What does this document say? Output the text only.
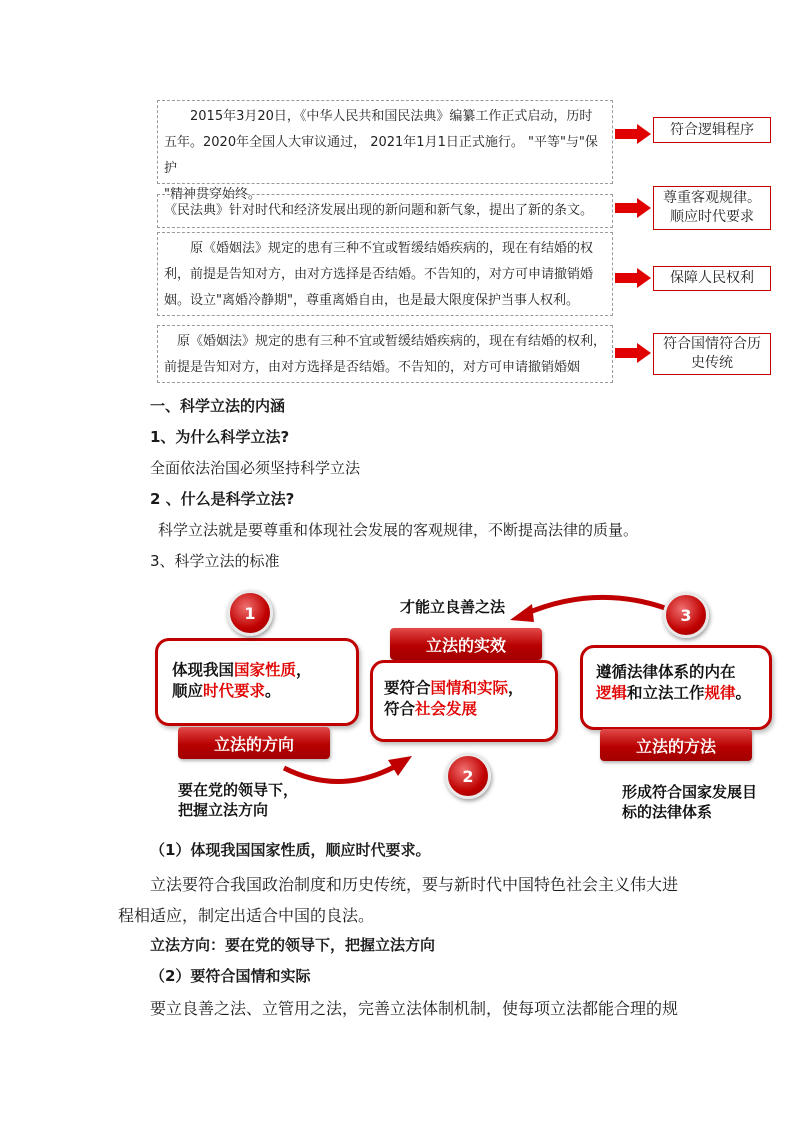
　　2015年3月20日，《中华人民共和国民法典》编纂工作正式启动，历时

五年。2020年全国人大审议通过， 2021年1月1日正式施行。 "平等"与"保护

"精神贯穿始终。

符合逻辑程序

《民法典》针对时代和经济发展出现的新问题和新气象，提出了新的条文。

尊重客观规律。
顺应时代要求

　　原《婚姻法》规定的患有三种不宜或暂缓结婚疾病的，现在有结婚的权

利，前提是告知对方，由对方选择是否结婚。不告知的，对方可申请撤销婚

姻。设立"离婚冷静期"，尊重离婚自由，也是最大限度保护当事人权利。

保障人民权利

　原《婚姻法》规定的患有三种不宜或暂缓结婚疾病的，现在有结婚的权利，

前提是告知对方，由对方选择是否结婚。不告知的，对方可申请撤销婚姻

符合国情符合历
史传统
一、科学立法的内涵
1、为什么科学立法?
全面依法治国必须坚持科学立法
2 、什么是科学立法?
科学立法就是要尊重和体现社会发展的客观规律，不断提高法律的质量。
3、科学立法的标准
才能立良善之法
体现我国国家性质，
顺应时代要求。
1
立法的方向
要在党的领导下，
把握立法方向
立法的实效
要符合国情和实际，
符合社会发展
2
遵循法律体系的内在
逻辑和立法工作规律。
3
立法的方法
形成符合国家发展目
标的法律体系
（1）体现我国国家性质，顺应时代要求。
立法要符合我国政治制度和历史传统，要与新时代中国特色社会主义伟大进
程相适应，制定出适合中国的良法。
立法方向：要在党的领导下，把握立法方向
（2）要符合国情和实际
要立良善之法、立管用之法，完善立法体制机制，使每项立法都能合理的规
